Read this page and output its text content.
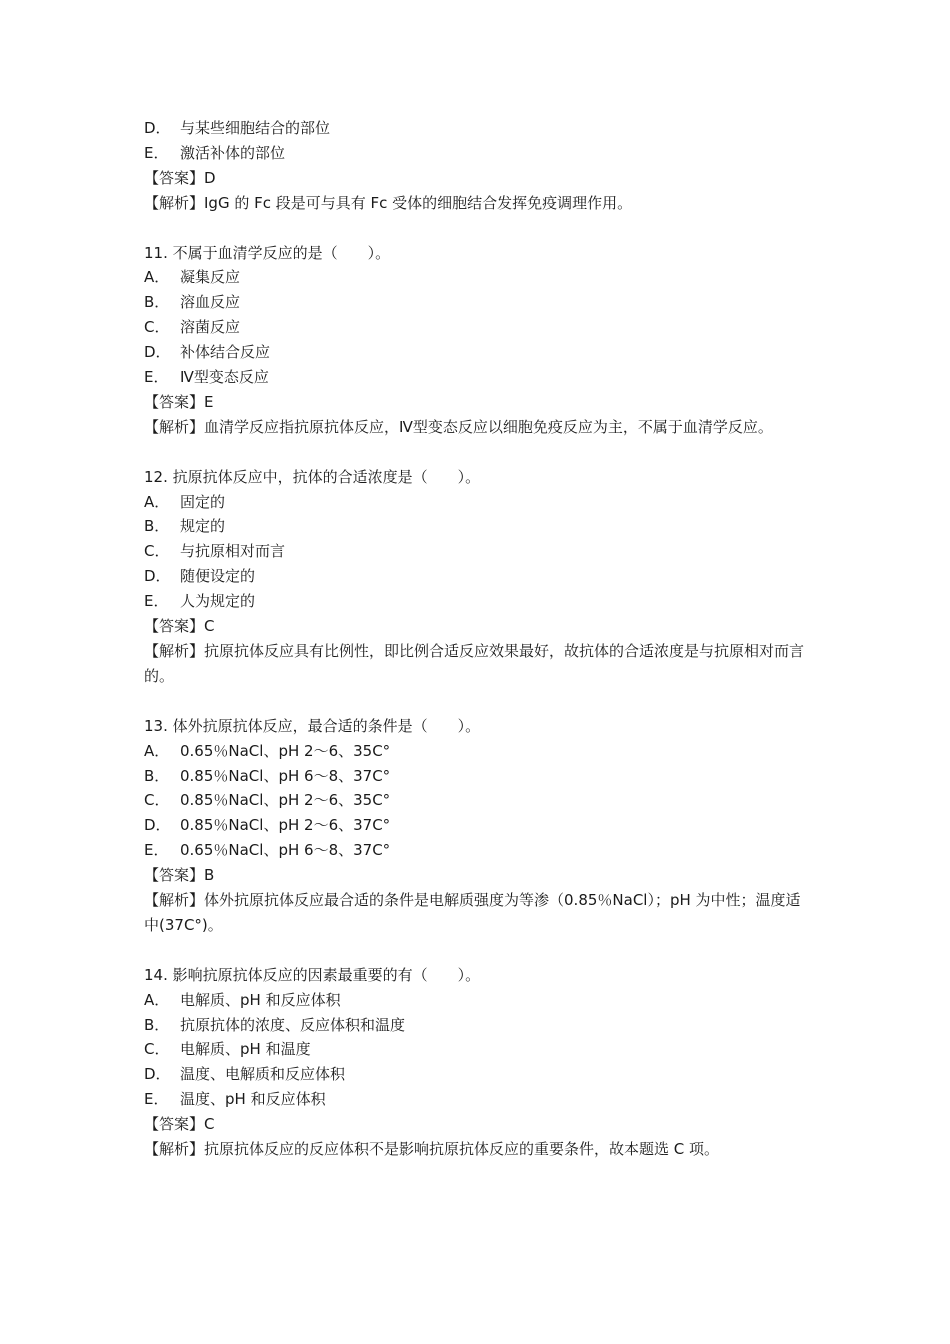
D． 与某些细胞结合的部位
E． 激活补体的部位
【答案】D
【解析】IgG 的 Fc 段是可与具有 Fc 受体的细胞结合发挥免疫调理作用。
11. 不属于血清学反应的是（　　）。
A． 凝集反应
B． 溶血反应
C． 溶菌反应
D． 补体结合反应
E． Ⅳ型变态反应
【答案】E
【解析】血清学反应指抗原抗体反应，Ⅳ型变态反应以细胞免疫反应为主，不属于血清学反应。
12. 抗原抗体反应中，抗体的合适浓度是（　　）。
A． 固定的
B． 规定的
C． 与抗原相对而言
D． 随便设定的
E． 人为规定的
【答案】C
【解析】抗原抗体反应具有比例性，即比例合适反应效果最好，故抗体的合适浓度是与抗原相对而言的。
13. 体外抗原抗体反应，最合适的条件是（　　）。
A． 0.65％NaCl、pH 2～6、35C°
B． 0.85％NaCl、pH 6～8、37C°
C． 0.85％NaCl、pH 2～6、35C°
D． 0.85％NaCl、pH 2～6、37C°
E． 0.65％NaCl、pH 6～8、37C°
【答案】B
【解析】体外抗原抗体反应最合适的条件是电解质强度为等渗（0.85％NaCl）；pH 为中性；温度适中(37C°)。
14. 影响抗原抗体反应的因素最重要的有（　　）。
A． 电解质、pH 和反应体积
B． 抗原抗体的浓度、反应体积和温度
C． 电解质、pH 和温度
D． 温度、电解质和反应体积
E． 温度、pH 和反应体积
【答案】C
【解析】抗原抗体反应的反应体积不是影响抗原抗体反应的重要条件，故本题选 C 项。
